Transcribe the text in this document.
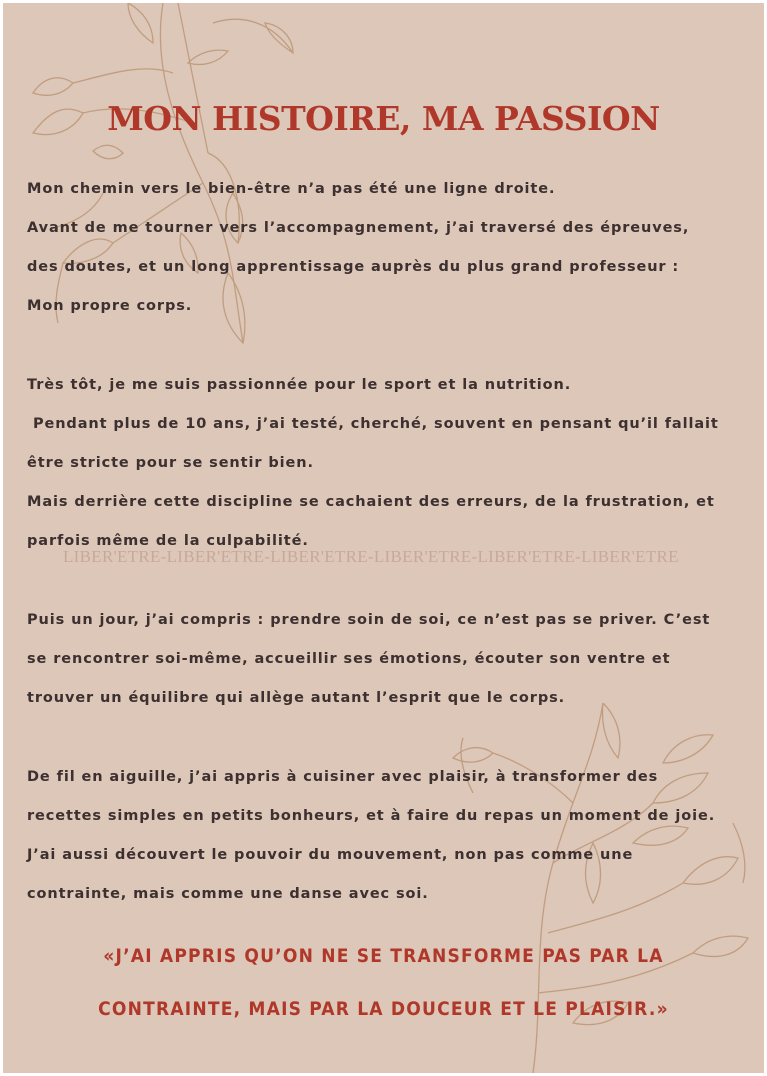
MON HISTOIRE, MA PASSION
LIBER'ETRE-LIBER'ETRE-LIBER'ETRE-LIBER'ETRE-LIBER'ETRE-LIBER'ETRE
Mon chemin vers le bien-être n’a pas été une ligne droite.
Avant de me tourner vers l’accompagnement, j’ai traversé des épreuves,
des doutes, et un long apprentissage auprès du plus grand professeur :
Mon propre corps.
Très tôt, je me suis passionnée pour le sport et la nutrition.
Pendant plus de 10 ans, j’ai testé, cherché, souvent en pensant qu’il fallait
être stricte pour se sentir bien.
Mais derrière cette discipline se cachaient des erreurs, de la frustration, et
parfois même de la culpabilité.
Puis un jour, j’ai compris : prendre soin de soi, ce n’est pas se priver. C’est
se rencontrer soi-même, accueillir ses émotions, écouter son ventre et
trouver un équilibre qui allège autant l’esprit que le corps.
De fil en aiguille, j’ai appris à cuisiner avec plaisir, à transformer des
recettes simples en petits bonheurs, et à faire du repas un moment de joie.
J’ai aussi découvert le pouvoir du mouvement, non pas comme une
contrainte, mais comme une danse avec soi.
«J’AI APPRIS QU’ON NE SE TRANSFORME PAS PAR LA
CONTRAINTE, MAIS PAR LA DOUCEUR ET LE PLAISIR.»
